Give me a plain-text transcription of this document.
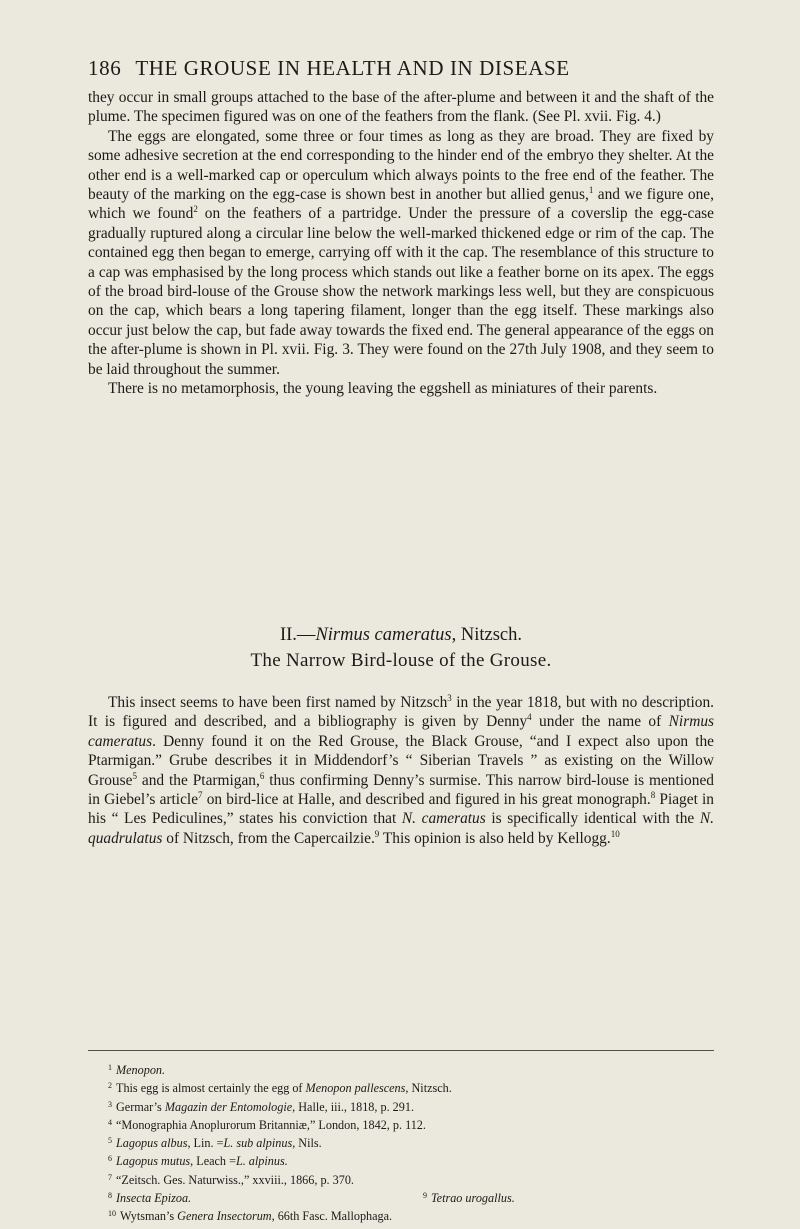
186 THE GROUSE IN HEALTH AND IN DISEASE

they occur in small groups attached to the base of the after-plume and between it and the shaft of the plume. The specimen figured was on one of the feathers from the flank. (See Pl. xvii. Fig. 4.)

The eggs are elongated, some three or four times as long as they are broad. They are fixed by some adhesive secretion at the end corresponding to the hinder end of the embryo they shelter. At the other end is a well-marked cap or operculum which always points to the free end of the feather. The beauty of the marking on the egg-case is shown best in another but allied genus,$^1$ and we figure one, which we found$^2$ on the feathers of a partridge. Under the pressure of a coverslip the egg-case gradually ruptured along a circular line below the well-marked thickened edge or rim of the cap. The contained egg then began to emerge, carrying off with it the cap. The resemblance of this structure to a cap was emphasised by the long process which stands out like a feather borne on its apex. The eggs of the broad bird-louse of the Grouse show the network markings less well, but they are conspicuous on the cap, which bears a long tapering filament, longer than the egg itself. These markings also occur just below the cap, but fade away towards the fixed end. The general appearance of the eggs on the after-plume is shown in Pl. xvii. Fig. 3. They were found on the 27th July 1908, and they seem to be laid throughout the summer.

There is no metamorphosis, the young leaving the eggshell as miniatures of their parents.

II.—Nirmus cameratus, Nitzsch.
The Narrow Bird-louse of the Grouse.

This insect seems to have been first named by Nitzsch$^3$ in the year 1818, but with no description. It is figured and described, and a bibliography is given by Denny$^4$ under the name of Nirmus cameratus. Denny found it on the Red Grouse, the Black Grouse, “and I expect also upon the Ptarmigan.” Grube describes it in Middendorf’s “ Siberian Travels ” as existing on the Willow Grouse$^5$ and the Ptarmigan,$^6$ thus confirming Denny’s surmise. This narrow bird-louse is mentioned in Giebel’s article$^7$ on bird-lice at Halle, and described and figured in his great monograph.$^8$ Piaget in his “ Les Pediculines,” states his conviction that N. cameratus is specifically identical with the N. quadrulatus of Nitzsch, from the Capercailzie.$^9$ This opinion is also held by Kellogg.$^{10}$

$^1$ Menopon.
$^2$ This egg is almost certainly the egg of Menopon pallescens, Nitzsch.
$^3$ Germar’s Magazin der Entomologie, Halle, iii., 1818, p. 291.
$^4$ “Monographia Anoplurorum Britanniæ,” London, 1842, p. 112.
$^5$ Lagopus albus, Lin. =L. sub alpinus, Nils.
$^6$ Lagopus mutus, Leach =L. alpinus.
$^7$ “Zeitsch. Ges. Naturwiss.,” xxviii., 1866, p. 370.
$^8$ Insecta Epizoa.	$^9$ Tetrao urogallus.
$^{10}$ Wytsman’s Genera Insectorum, 66th Fasc. Mallophaga.
